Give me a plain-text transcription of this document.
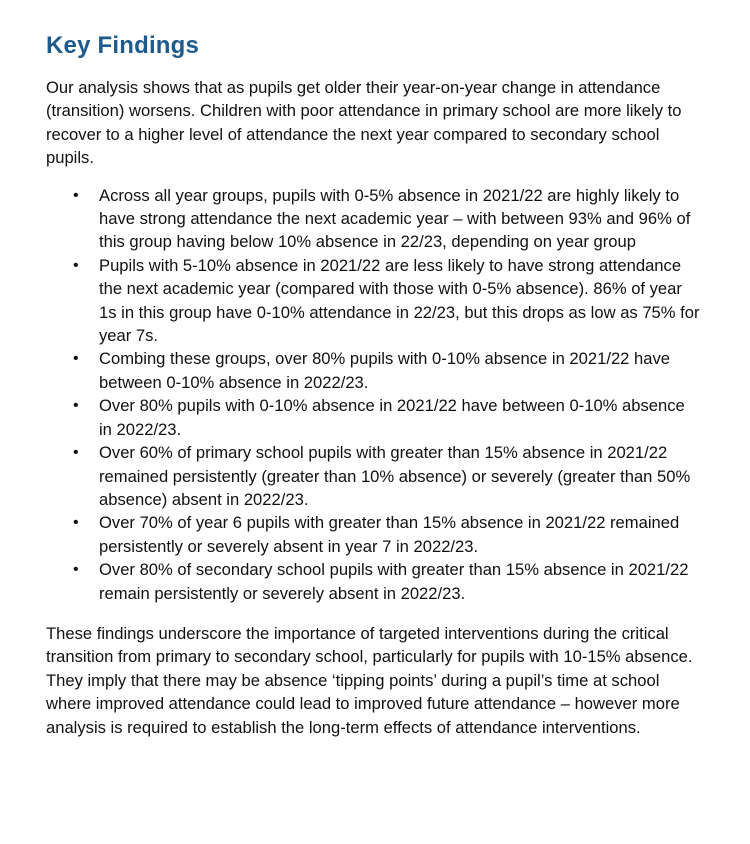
Key Findings

Our analysis shows that as pupils get older their year-on-year change in attendance (transition) worsens. Children with poor attendance in primary school are more likely to recover to a higher level of attendance the next year compared to secondary school pupils.

• Across all year groups, pupils with 0-5% absence in 2021/22 are highly likely to have strong attendance the next academic year – with between 93% and 96% of this group having below 10% absence in 22/23, depending on year group
• Pupils with 5-10% absence in 2021/22 are less likely to have strong attendance the next academic year (compared with those with 0-5% absence). 86% of year 1s in this group have 0-10% attendance in 22/23, but this drops as low as 75% for year 7s.
• Combing these groups, over 80% pupils with 0-10% absence in 2021/22 have between 0-10% absence in 2022/23.
• Over 80% pupils with 0-10% absence in 2021/22 have between 0-10% absence in 2022/23.
• Over 60% of primary school pupils with greater than 15% absence in 2021/22 remained persistently (greater than 10% absence) or severely (greater than 50% absence) absent in 2022/23.
• Over 70% of year 6 pupils with greater than 15% absence in 2021/22 remained persistently or severely absent in year 7 in 2022/23.
• Over 80% of secondary school pupils with greater than 15% absence in 2021/22 remain persistently or severely absent in 2022/23.

These findings underscore the importance of targeted interventions during the critical transition from primary to secondary school, particularly for pupils with 10-15% absence. They imply that there may be absence ‘tipping points’ during a pupil’s time at school where improved attendance could lead to improved future attendance – however more analysis is required to establish the long-term effects of attendance interventions.
